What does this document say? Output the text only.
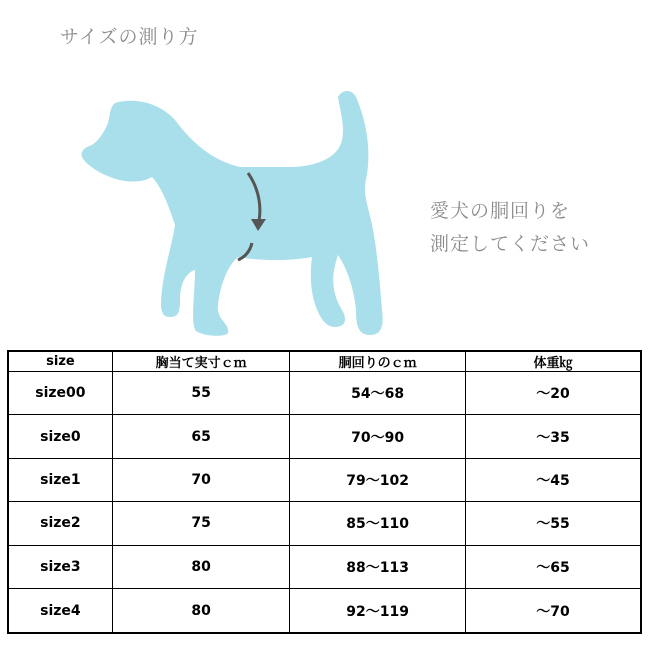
サイズの測り方
愛犬の胴回りを
測定してください
size	胸当て実寸ｃｍ	胴回りのｃｍ	体重㎏
size00	55	54～68	～20
size0	65	70～90	～35
size1	70	79～102	～45
size2	75	85～110	～55
size3	80	88～113	～65
size4	80	92～119	～70
